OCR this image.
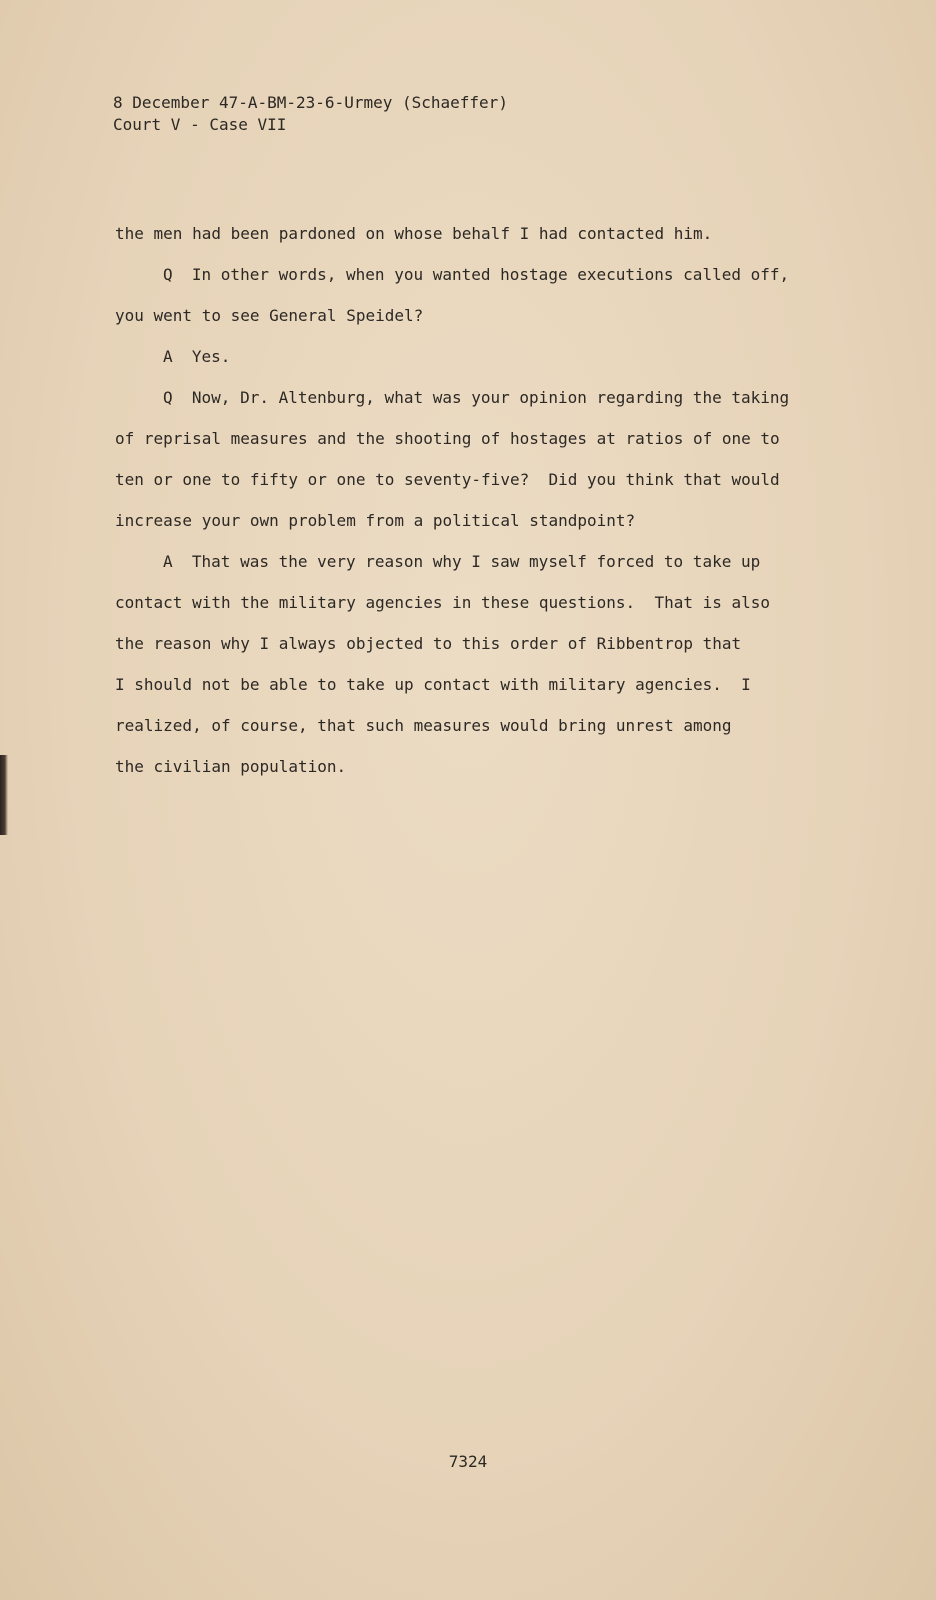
8 December 47-A-BM-23-6-Urmey (Schaeffer)
Court V - Case VII
the men had been pardoned on whose behalf I had contacted him.
Q  In other words, when you wanted hostage executions called off,
you went to see General Speidel?
A  Yes.
Q  Now, Dr. Altenburg, what was your opinion regarding the taking
of reprisal measures and the shooting of hostages at ratios of one to
ten or one to fifty or one to seventy-five?  Did you think that would
increase your own problem from a political standpoint?
A  That was the very reason why I saw myself forced to take up
contact with the military agencies in these questions.  That is also
the reason why I always objected to this order of Ribbentrop that
I should not be able to take up contact with military agencies.  I
realized, of course, that such measures would bring unrest among
the civilian population.
7324
